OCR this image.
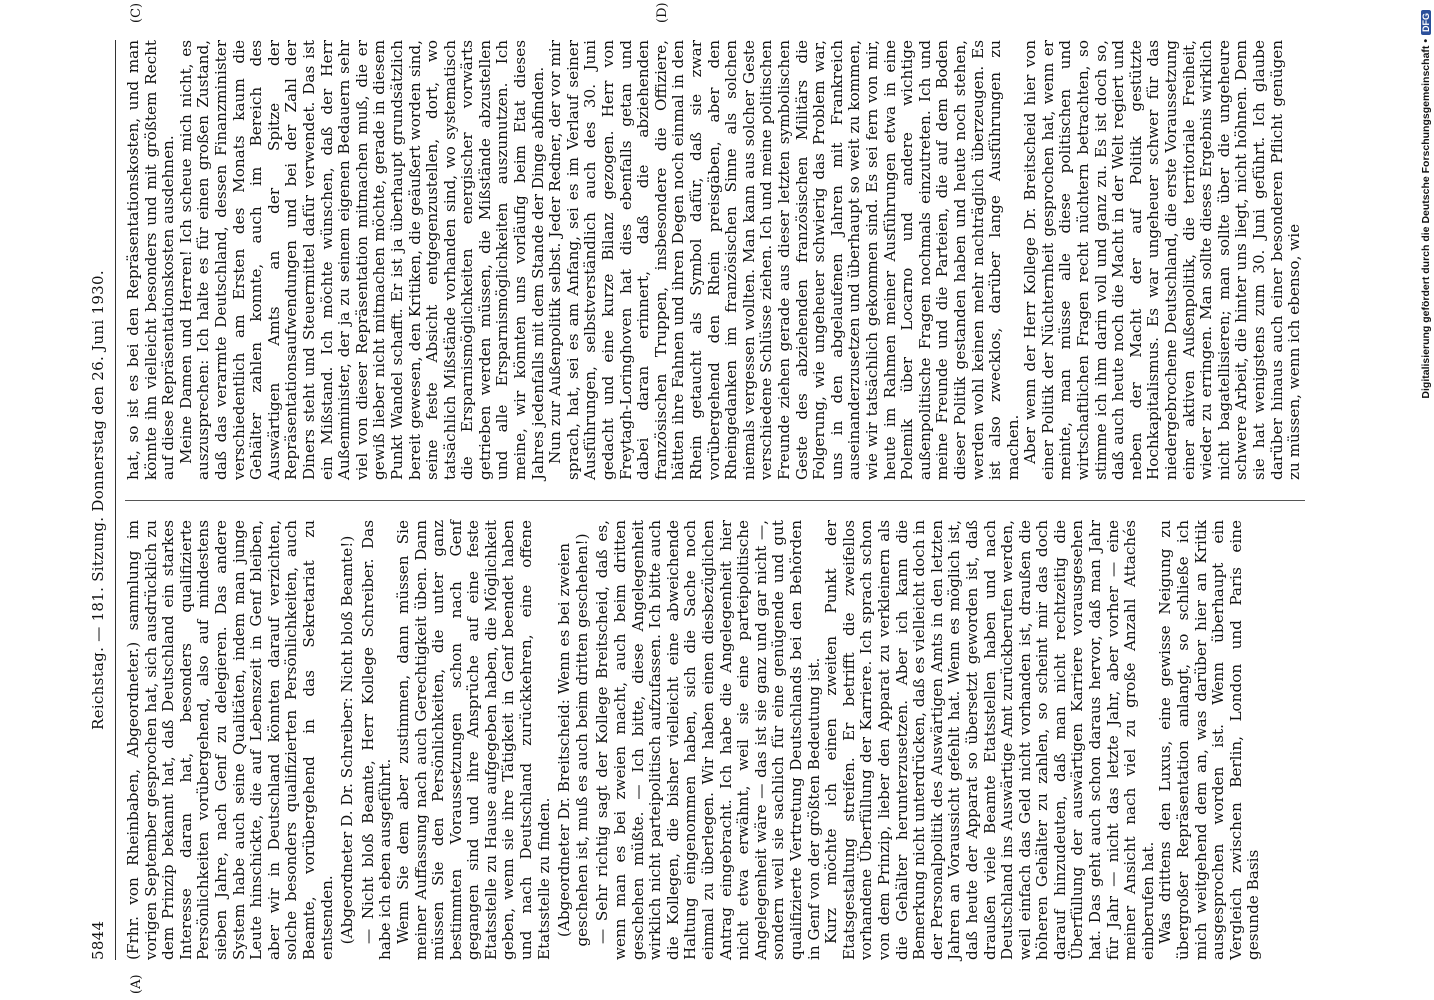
5844
Reichstag. — 181. Sitzung. Donnerstag den 26. Juni 1930.
(A)
(C)	(D)

(Frhr. von Rheinbaben, Abgeordneter.) sammlung im vorigen September gesprochen hat, sich ausdrücklich zu dem Prinzip bekannt hat, daß Deutschland ein starkes Interesse daran hat, besonders qualifizierte Persönlichkeiten vorübergehend, also auf mindestens sieben Jahre, nach Genf zu delegieren. Das andere System habe auch seine Qualitäten, indem man junge Leute hinschickte, die auf Lebenszeit in Genf bleiben, aber wir in Deutschland könnten darauf verzichten, solche besonders qualifizierten Persönlichkeiten, auch Beamte, vorübergehend in das Sekretariat zu entsenden. (Abgeordneter D. Dr. Schreiber: Nicht bloß Beamte!) — Nicht bloß Beamte, Herr Kollege Schreiber. Das habe ich eben ausgeführt. Wenn Sie dem aber zustimmen, dann müssen Sie meiner Auffassung nach auch Gerechtigkeit üben. Dann müssen Sie den Persönlichkeiten, die unter ganz bestimmten Voraussetzungen schon nach Genf gegangen sind und ihre Ansprüche auf eine feste Etatsstelle zu Hause aufgegeben haben, die Möglichkeit geben, wenn sie ihre Tätigkeit in Genf beendet haben und nach Deutschland zurückkehren, eine offene Etatsstelle zu finden. (Abgeordneter Dr. Breitscheid: Wenn es bei zweien geschehen ist, muß es auch beim dritten geschehen!) — Sehr richtig sagt der Kollege Breitscheid, daß es, wenn man es bei zweien macht, auch beim dritten geschehen müßte. — Ich bitte, diese Angelegenheit wirklich nicht parteipolitisch aufzufassen. Ich bitte auch die Kollegen, die bisher vielleicht eine abweichende Haltung eingenommen haben, sich die Sache noch einmal zu überlegen. Wir haben einen diesbezüglichen Antrag eingebracht. Ich habe die Angelegenheit hier nicht etwa erwähnt, weil sie eine parteipolitische Angelegenheit wäre — das ist sie ganz und gar nicht —, sondern weil sie sachlich für eine genügende und gut qualifizierte Vertretung Deutschlands bei den Behörden in Genf von der größten Bedeutung ist. Kurz möchte ich einen zweiten Punkt der Etatsgestaltung streifen. Er betrifft die zweifellos vorhandene Überfüllung der Karriere. Ich sprach schon von dem Prinzip, lieber den Apparat zu verkleinern als die Gehälter herunterzusetzen. Aber ich kann die Bemerkung nicht unterdrücken, daß es vielleicht doch in der Personalpolitik des Auswärtigen Amts in den letzten Jahren an Voraussicht gefehlt hat. Wenn es möglich ist, daß heute der Apparat so übersetzt geworden ist, daß draußen viele Beamte Etatsstellen haben und nach Deutschland ins Auswärtige Amt zurückberufen werden, weil einfach das Geld nicht vorhanden ist, draußen die höheren Gehälter zu zahlen, so scheint mir das doch darauf hinzudeuten, daß man nicht rechtzeitig die Überfüllung der auswärtigen Karriere vorausgesehen hat. Das geht auch schon daraus hervor, daß man Jahr für Jahr — nicht das letzte Jahr, aber vorher — eine meiner Ansicht nach viel zu große Anzahl Attachés einberufen hat. Was drittens den Luxus, eine gewisse Neigung zu übergroßer Repräsentation anlangt, so schließe ich mich weitgehend dem an, was darüber hier an Kritik ausgesprochen worden ist. Wenn überhaupt ein Vergleich zwischen Berlin, London und Paris eine gesunde Basis

hat, so ist es bei den Repräsentationskosten, und man könnte ihn vielleicht besonders und mit größtem Recht auf diese Repräsentationskosten ausdehnen. Meine Damen und Herren! Ich scheue mich nicht, es auszusprechen: Ich halte es für einen großen Zustand, daß das verarmte Deutschland, dessen Finanzminister verschiedentlich am Ersten des Monats kaum die Gehälter zahlen konnte, auch im Bereich des Auswärtigen Amts an der Spitze der Repräsentationsaufwendungen und bei der Zahl der Diners steht und Steuermittel dafür verwendet. Das ist ein Mißstand. Ich möchte wünschen, daß der Herr Außenminister, der ja zu seinem eigenen Bedauern sehr viel von dieser Repräsentation mitmachen muß, die er gewiß lieber nicht mitmachen möchte, gerade in diesem Punkt Wandel schafft. Er ist ja überhaupt grundsätzlich bereit gewesen, den Kritiken, die geäußert worden sind, seine feste Absicht entgegenzustellen, dort, wo tatsächlich Mißstände vorhanden sind, wo systematisch die Ersparnismöglichkeiten energischer vorwärts getrieben werden müssen, die Mißstände abzustellen und alle Ersparnismöglichkeiten auszunutzen. Ich meine, wir könnten uns vorläufig beim Etat dieses Jahres jedenfalls mit dem Stande der Dinge abfinden. Nun zur Außenpolitik selbst. Jeder Redner, der vor mir sprach, hat, sei es am Anfang, sei es im Verlauf seiner Ausführungen, selbstverständlich auch des 30. Juni gedacht und eine kurze Bilanz gezogen. Herr von Freytagh-Loringhoven hat dies ebenfalls getan und dabei daran erinnert, daß die abziehenden französischen Truppen, insbesondere die Offiziere, hätten ihre Fahnen und ihren Degen noch einmal in den Rhein getaucht als Symbol dafür, daß sie zwar vorübergehend den Rhein preisgäben, aber den Rheingedanken im französischen Sinne als solchen niemals vergessen wollten. Man kann aus solcher Geste verschiedene Schlüsse ziehen. Ich und meine politischen Freunde ziehen gerade aus dieser letzten symbolischen Geste des abziehenden französischen Militärs die Folgerung, wie ungeheuer schwierig das Problem war, uns in den abgelaufenen Jahren mit Frankreich auseinanderzusetzen und überhaupt so weit zu kommen, wie wir tatsächlich gekommen sind. Es sei fern von mir, heute im Rahmen meiner Ausführungen etwa in eine Polemik über Locarno und andere wichtige außenpolitische Fragen nochmals einzutreten. Ich und meine Freunde und die Parteien, die auf dem Boden dieser Politik gestanden haben und heute noch stehen, werden wohl keinen mehr nachträglich überzeugen. Es ist also zwecklos, darüber lange Ausführungen zu machen. Aber wenn der Herr Kollege Dr. Breitscheid hier von einer Politik der Nüchternheit gesprochen hat, wenn er meinte, man müsse alle diese politischen und wirtschaftlichen Fragen recht nüchtern betrachten, so stimme ich ihm darin voll und ganz zu. Es ist doch so, daß auch heute noch die Macht in der Welt regiert und neben der Macht der auf Politik gestützte Hochkapitalismus. Es war ungeheuer schwer für das niedergebrochene Deutschland, die erste Voraussetzung einer aktiven Außenpolitik, die territoriale Freiheit, wieder zu erringen. Man sollte dieses Ergebnis wirklich nicht bagatellisieren; man sollte über die ungeheure schwere Arbeit, die hinter uns liegt, nicht höhnen. Denn sie hat wenigstens zum 30. Juni geführt. Ich glaube darüber hinaus auch einer besonderen Pflicht genügen zu müssen, wenn ich ebenso, wie	Digitalisierung gefördert durch die Deutsche Forschungsgemeinschaft •DFG
